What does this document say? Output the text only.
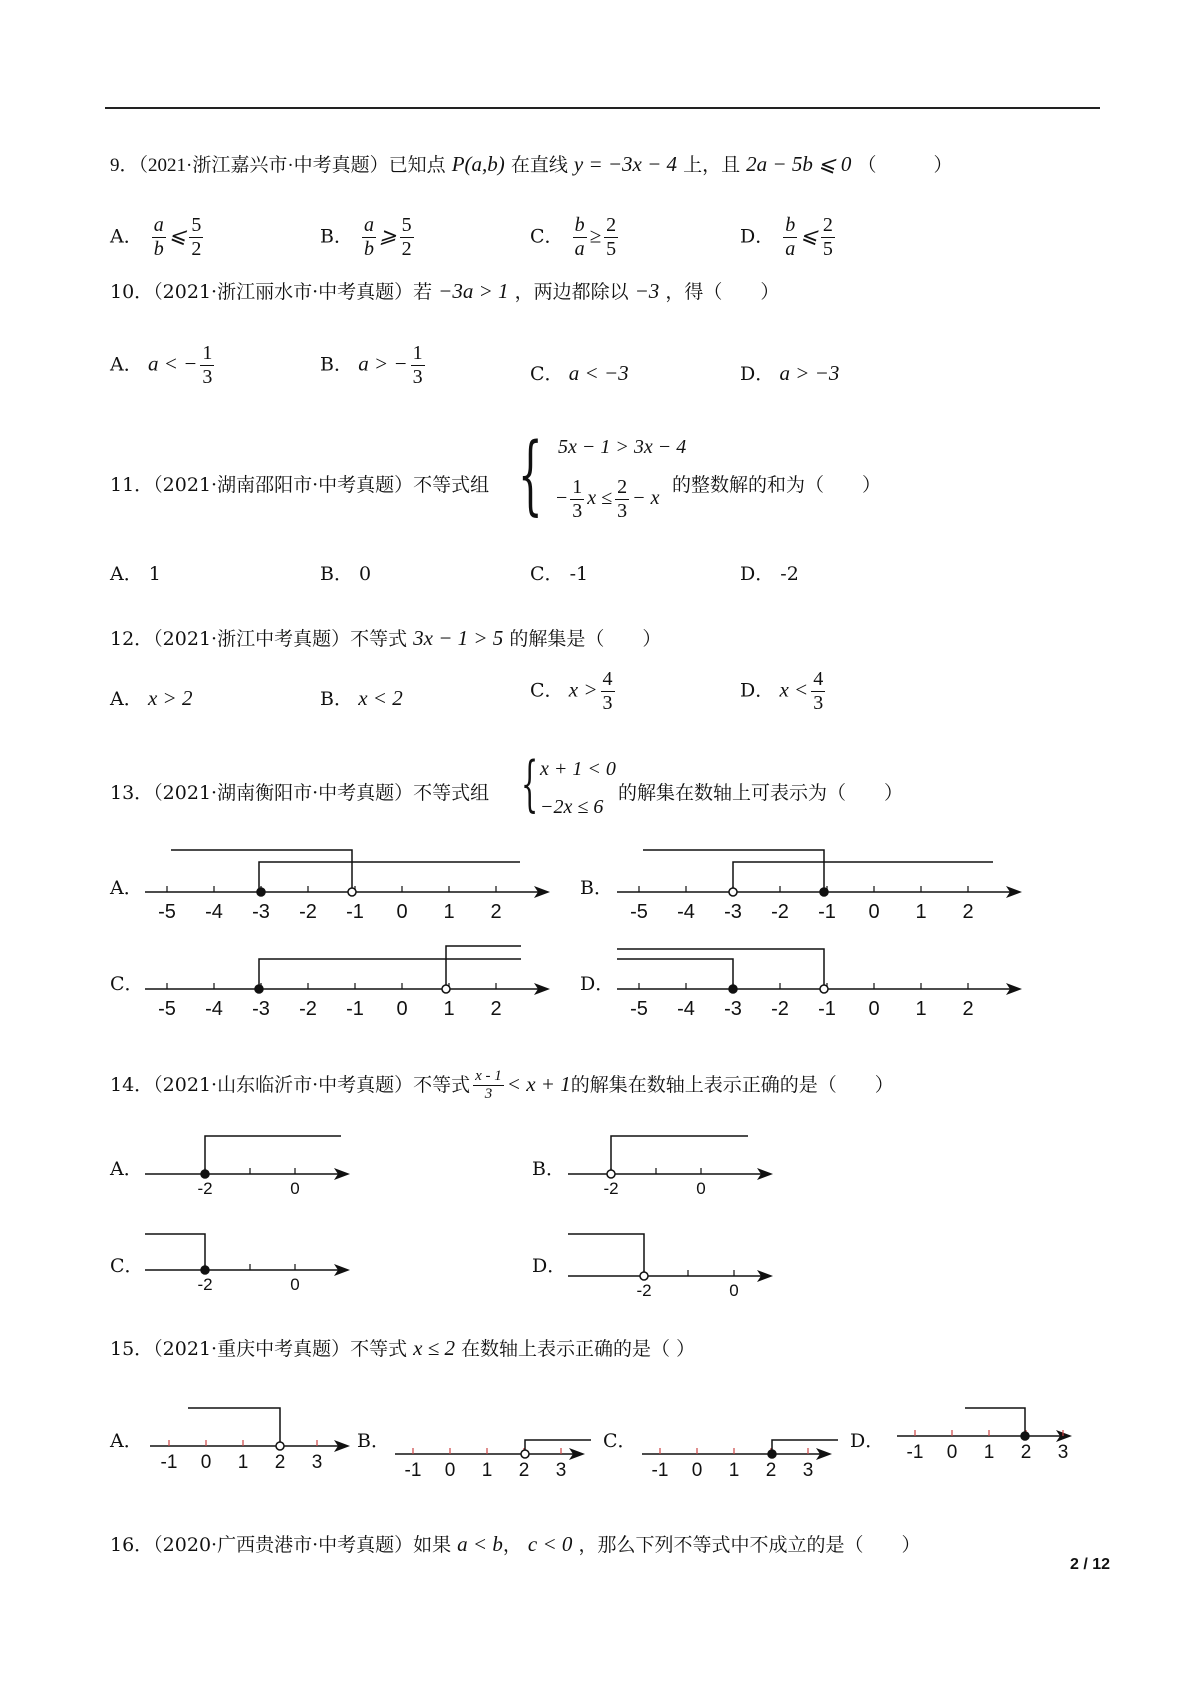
9．（2021·浙江嘉兴市·中考真题）已知点 P(a,b) 在直线 y = −3x − 4 上，且 2a − 5b ⩽ 0 （　　　）
A． $\frac{a}{b}$ ⩽ $\frac{5}{2}$	B． $\frac{a}{b}$ ⩾ $\frac{5}{2}$	C． $\frac{b}{a} \ge \frac{2}{5}$	D． $\frac{b}{a}$ ⩽ $\frac{2}{5}$
10．（2021·浙江丽水市·中考真题）若 −3a > 1 ，两边都除以 −3 ，得（　　）
A． a < − $\frac{1}{3}$	B． a > − $\frac{1}{3}$	C． a < −3	D． a > −3
11．（2021·湖南邵阳市·中考真题）不等式组 { 5x − 1 > 3x − 4
− $\frac{1}{3}$ $x \le \frac{2}{3} - x$
的整数解的和为（　　）
A． 1	B． 0	C． -1	D． -2
12．（2021·浙江中考真题）不等式 3x − 1 > 5 的解集是（　　）
A． x > 2	B． x < 2	C． $x > \frac{4}{3}$	D． $x < \frac{4}{3}$
13．（2021·湖南衡阳市·中考真题）不等式组 { x + 1 < 0
−2x ≤ 6
的解集在数轴上可表示为（　　）
14．（2021·山东临沂市·中考真题）不等式 $\frac{x - 1}{3} < x + 1$的解集在数轴上表示正确的是（　　）
15．（2021·重庆中考真题）不等式 x ≤ 2 在数轴上表示正确的是（ ）
16．（2020·广西贵港市·中考真题）如果 a < b， c < 0 ，那么下列不等式中不成立的是（　　）
2 / 12
A．
-5 -4 -3 -2 -1 0 1 2
B．
-5 -4 -3 -2 -1 0 1 2
C．
-5 -4 -3 -2 -1 0 1 2
D．
-5 -4 -3 -2 -1 0 1 2
A．
-2	0
B．
-2	0
C．
-2	0
D．
-2	0
A．
-1 0 1 2 3
B．
-1 0 1 2 3
C．
-1 0 1 2 3
D．
-1 0 1 2 3
